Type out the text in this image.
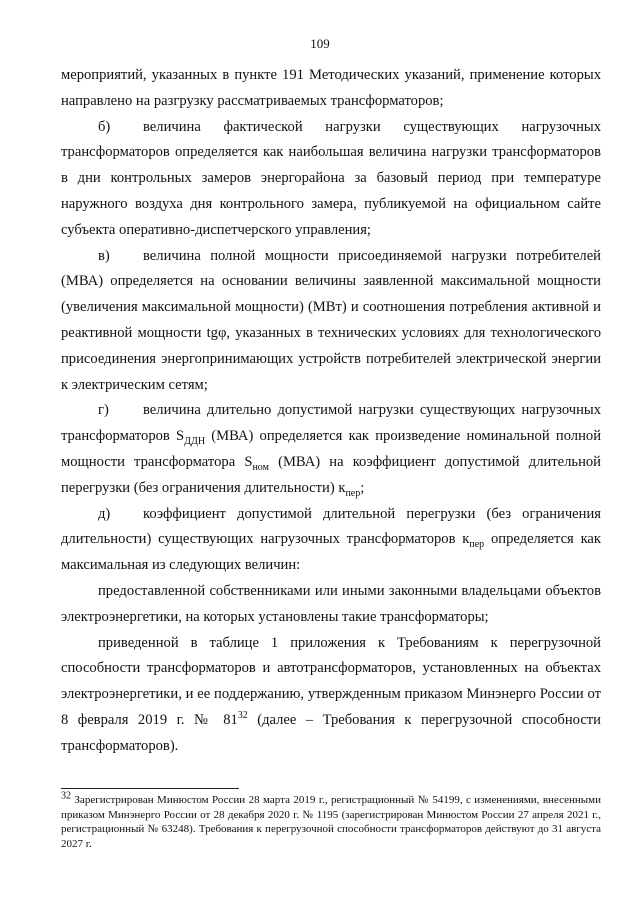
109

мероприятий, указанных в пункте 191 Методических указаний, применение которых направлено на разгрузку рассматриваемых трансформаторов;

б) величина фактической нагрузки существующих нагрузочных трансформаторов определяется как наибольшая величина нагрузки трансформаторов в дни контрольных замеров энергорайона за базовый период при температуре наружного воздуха дня контрольного замера, публикуемой на официальном сайте субъекта оперативно-диспетчерского управления;

в) величина полной мощности присоединяемой нагрузки потребителей (МВА) определяется на основании величины заявленной максимальной мощности (увеличения максимальной мощности) (МВт) и соотношения потребления активной и реактивной мощности tgφ, указанных в технических условиях для технологического присоединения энергопринимающих устройств потребителей электрической энергии к электрическим сетям;

г) величина длительно допустимой нагрузки существующих нагрузочных трансформаторов $S_{ДДН}$ (МВА) определяется как произведение номинальной полной мощности трансформатора $S_{ном}$ (МВА) на коэффициент допустимой длительной перегрузки (без ограничения длительности) $к_{пер}$;

д) коэффициент допустимой длительной перегрузки (без ограничения длительности) существующих нагрузочных трансформаторов $к_{пер}$ определяется как максимальная из следующих величин:

предоставленной собственниками или иными законными владельцами объектов электроэнергетики, на которых установлены такие трансформаторы;

приведенной в таблице 1 приложения к Требованиям к перегрузочной способности трансформаторов и автотрансформаторов, установленных на объектах электроэнергетики, и ее поддержанию, утвержденным приказом Минэнерго России от 8 февраля 2019 г. № $81^{32}$ (далее – Требования к перегрузочной способности трансформаторов).

$^{32}$ Зарегистрирован Минюстом России 28 марта 2019 г., регистрационный № 54199, с изменениями, внесенными приказом Минэнерго России от 28 декабря 2020 г. № 1195 (зарегистрирован Минюстом России 27 апреля 2021 г., регистрационный № 63248). Требования к перегрузочной способности трансформаторов действуют до 31 августа 2027 г.
